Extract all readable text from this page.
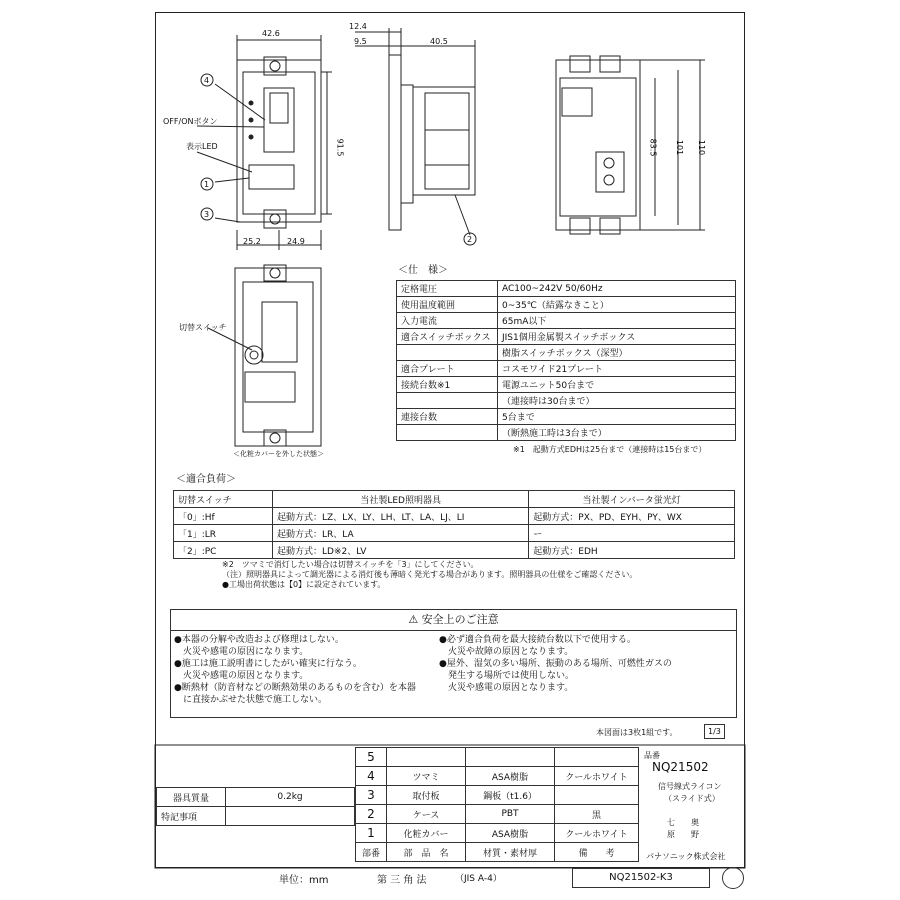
42.6
91.5
25.2	24.9
12.4
9.5	40.5
83.5 101 110
4
1
3
2
OFF/ONボタン
表示LED
切替スイッチ
＜化粧カバーを外した状態＞
＜仕　様＞
定格電圧	AC100~242V 50/60Hz
使用温度範囲	0~35℃（結露なきこと）
入力電流	65mA以下
適合スイッチボックス	JIS1個用金属製スイッチボックス
	樹脂スイッチボックス（深型）
適合プレート	コスモワイド21プレート
接続台数※1	電源ユニット50台まで
	（連接時は30台まで）
連接台数	5台まで
	（断熱施工時は3台まで）
※1　起動方式EDHは25台まで（連接時は15台まで）
＜適合負荷＞
切替スイッチ	当社製LED照明器具	当社製インバータ蛍光灯
「0」:Hf	起動方式：LZ、LX、LY、LH、LT、LA、LJ、LI	起動方式：PX、PD、EYH、PY、WX
「1」:LR	起動方式：LR、LA	ー
「2」:PC	起動方式：LD※2、LV	起動方式：EDH
※2　ツマミで消灯したい場合は切替スイッチを「3」にしてください。
（注）照明器具によって調光器による消灯後も薄暗く発光する場合があります。照明器具の仕様をご確認ください。
●工場出荷状態は【0】に設定されています。
⚠ 安全上のご注意
●本器の分解や改造および修理はしない。
　火災や感電の原因になります。
●施工は施工説明書にしたがい確実に行なう。
　火災や感電の原因となります。
●断熱材（防音材などの断熱効果のあるものを含む）を本器
　に直接かぶせた状態で施工しない。
●必ず適合負荷を最大接続台数以下で使用する。
　火災や故障の原因となります。
●屋外、湿気の多い場所、振動のある場所、可燃性ガスの
　発生する場所では使用しない。
　火災や感電の原因となります。
本図面は3枚1組です。	1/3
5			
4	ツマミ	ASA樹脂	クールホワイト
3	取付板	鋼板（t1.6）	
2	ケース	PBT	黒
1	化粧カバー	ASA樹脂	クールホワイト
部番	部　品　名	材質・素材厚	備　　考
器具質量	0.2kg
特記事項	
品番
NQ21502
信号線式ライコン
（スライド式）
七　　奥
原　　野
パナソニック株式会社
単位：mm	第 三 角 法	（JIS A-4）	NQ21502-K3
